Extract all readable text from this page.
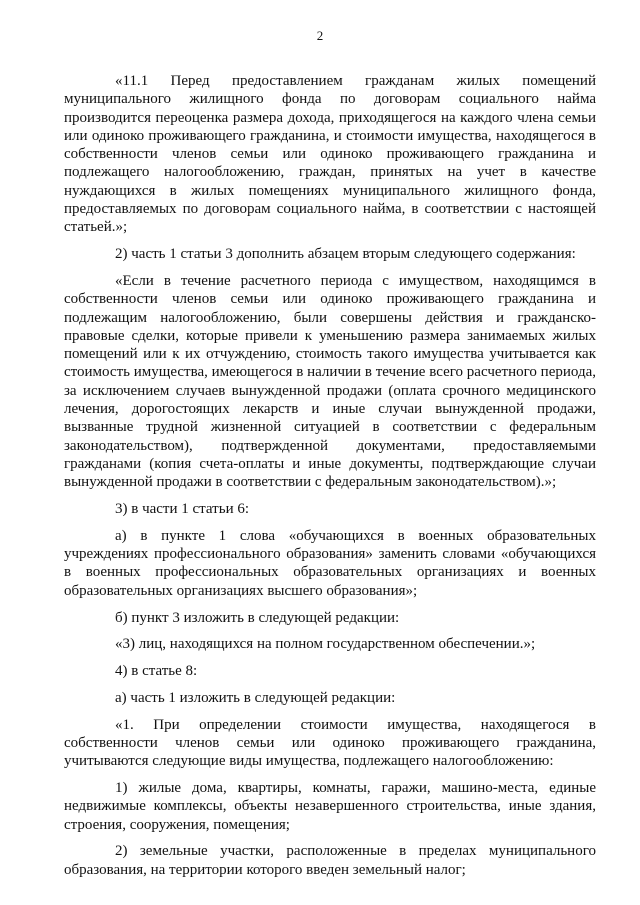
2

«11.1 Перед предоставлением гражданам жилых помещений муниципального жилищного фонда по договорам социального найма производится переоценка размера дохода, приходящегося на каждого члена семьи или одиноко проживающего гражданина, и стоимости имущества, находящегося в собственности членов семьи или одиноко проживающего гражданина и подлежащего налогообложению, граждан, принятых на учет в качестве нуждающихся в жилых помещениях муниципального жилищного фонда, предоставляемых по договорам социального найма, в соответствии с настоящей статьей.»;

2) часть 1 статьи 3 дополнить абзацем вторым следующего содержания:

«Если в течение расчетного периода с имуществом, находящимся в собственности членов семьи или одиноко проживающего гражданина и подлежащим налогообложению, были совершены действия и гражданско-правовые сделки, которые привели к уменьшению размера занимаемых жилых помещений или к их отчуждению, стоимость такого имущества учитывается как стоимость имущества, имеющегося в наличии в течение всего расчетного периода, за исключением случаев вынужденной продажи (оплата срочного медицинского лечения, дорогостоящих лекарств и иные случаи вынужденной продажи, вызванные трудной жизненной ситуацией в соответствии с федеральным законодательством), подтвержденной документами, предоставляемыми гражданами (копия счета-оплаты и иные документы, подтверждающие случаи вынужденной продажи в соответствии с федеральным законодательством).»;

3) в части 1 статьи 6:

а) в пункте 1 слова «обучающихся в военных образовательных учреждениях профессионального образования» заменить словами «обучающихся в военных профессиональных образовательных организациях и военных образовательных организациях высшего образования»;

б) пункт 3 изложить в следующей редакции:

«3) лиц, находящихся на полном государственном обеспечении.»;

4) в статье 8:

а) часть 1 изложить в следующей редакции:

«1. При определении стоимости имущества, находящегося в собственности членов семьи или одиноко проживающего гражданина, учитываются следующие виды имущества, подлежащего налогообложению:

1) жилые дома, квартиры, комнаты, гаражи, машино-места, единые недвижимые комплексы, объекты незавершенного строительства, иные здания, строения, сооружения, помещения;

2) земельные участки, расположенные в пределах муниципального образования, на территории которого введен земельный налог;
